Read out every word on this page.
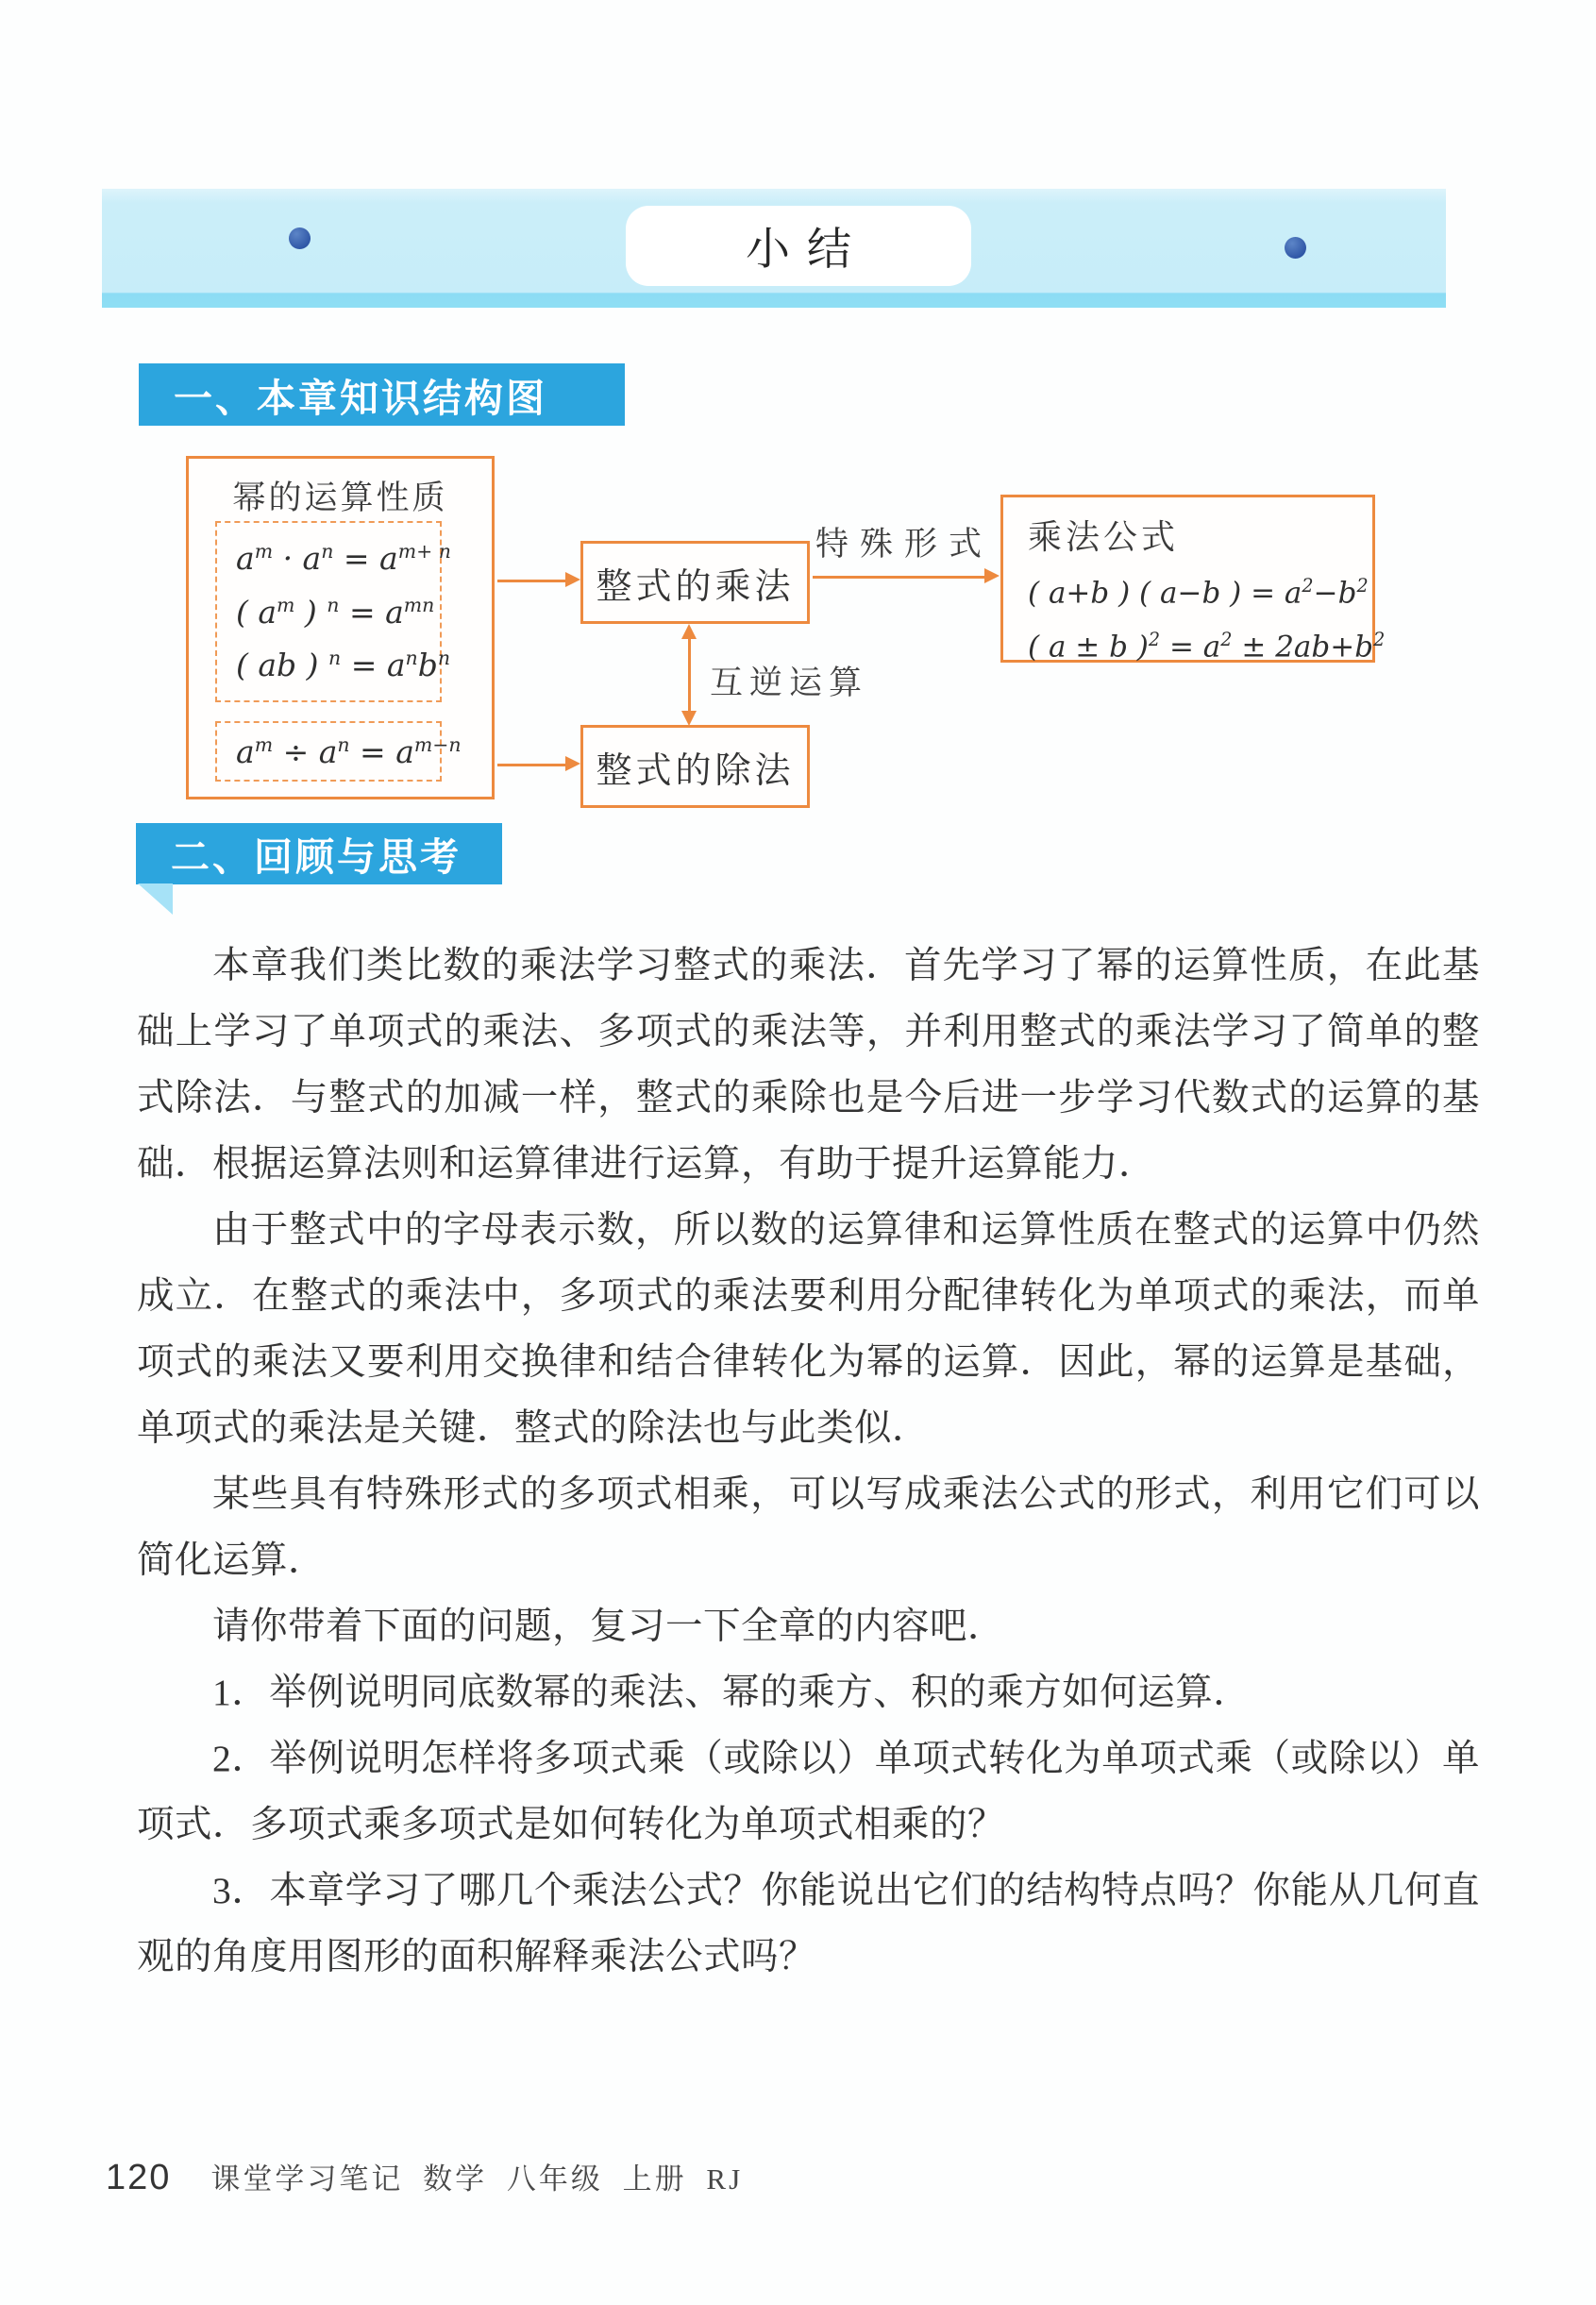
小结
一、本章知识结构图
幂的运算性质
$a^m \cdot a^n = a^{m+ n}$
( $a^m$ ) $^n = a^{mn}$
( ab ) $^n = a^nb^n$
$a^m \div a^n = a^{m-n}$
整式的乘法
整式的除法
乘法公式
( a+b ) ( a−b ) = $a^2-b^2$
( a ± b )$^2 = a^2 \pm 2ab+b^2$
特殊形式
互逆运算
二、回顾与思考

本章我们类比数的乘法学习整式的乘法．首先学习了幂的运算性质，在此基础上学习了单项式的乘法、多项式的乘法等，并利用整式的乘法学习了简单的整式除法．与整式的加减一样，整式的乘除也是今后进一步学习代数式的运算的基础．根据运算法则和运算律进行运算，有助于提升运算能力．

由于整式中的字母表示数，所以数的运算律和运算性质在整式的运算中仍然成立．在整式的乘法中，多项式的乘法要利用分配律转化为单项式的乘法，而单项式的乘法又要利用交换律和结合律转化为幂的运算．因此，幂的运算是基础，单项式的乘法是关键．整式的除法也与此类似．

某些具有特殊形式的多项式相乘，可以写成乘法公式的形式，利用它们可以简化运算．

请你带着下面的问题，复习一下全章的内容吧．

1．举例说明同底数幂的乘法、幂的乘方、积的乘方如何运算．

2．举例说明怎样将多项式乘（或除以）单项式转化为单项式乘（或除以）单项式．多项式乘多项式是如何转化为单项式相乘的？

3．本章学习了哪几个乘法公式？你能说出它们的结构特点吗？你能从几何直观的角度用图形的面积解释乘法公式吗？

120 课堂学习笔记 数学 八年级 上册 RJ
